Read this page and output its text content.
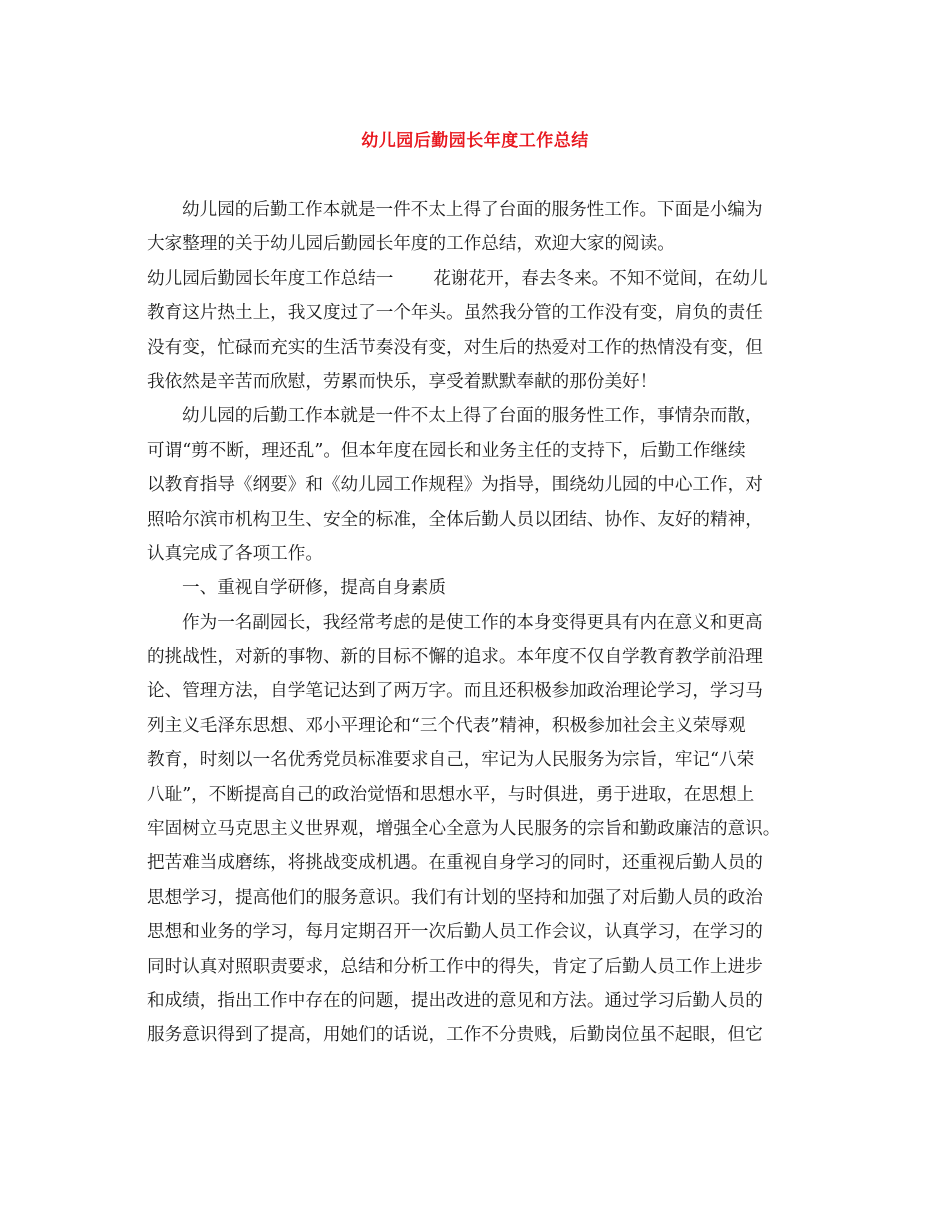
幼儿园后勤园长年度工作总结
幼儿园的后勤工作本就是一件不太上得了台面的服务性工作。下面是小编为
大家整理的关于幼儿园后勤园长年度的工作总结，欢迎大家的阅读。
幼儿园后勤园长年度工作总结一 花谢花开，春去冬来。不知不觉间，在幼儿
教育这片热土上，我又度过了一个年头。虽然我分管的工作没有变，肩负的责任
没有变，忙碌而充实的生活节奏没有变，对生后的热爱对工作的热情没有变，但
我依然是辛苦而欣慰，劳累而快乐，享受着默默奉献的那份美好！
幼儿园的后勤工作本就是一件不太上得了台面的服务性工作，事情杂而散，
可谓“剪不断，理还乱”。但本年度在园长和业务主任的支持下，后勤工作继续
以教育指导《纲要》和《幼儿园工作规程》为指导，围绕幼儿园的中心工作，对
照哈尔滨市机构卫生、安全的标准，全体后勤人员以团结、协作、友好的精神，
认真完成了各项工作。
一、重视自学研修，提高自身素质
作为一名副园长，我经常考虑的是使工作的本身变得更具有内在意义和更高
的挑战性，对新的事物、新的目标不懈的追求。本年度不仅自学教育教学前沿理
论、管理方法，自学笔记达到了两万字。而且还积极参加政治理论学习，学习马
列主义毛泽东思想、邓小平理论和“三个代表”精神，积极参加社会主义荣辱观
教育，时刻以一名优秀党员标准要求自己，牢记为人民服务为宗旨，牢记“八荣
八耻”，不断提高自己的政治觉悟和思想水平，与时俱进，勇于进取，在思想上
牢固树立马克思主义世界观，增强全心全意为人民服务的宗旨和勤政廉洁的意识。
把苦难当成磨练，将挑战变成机遇。在重视自身学习的同时，还重视后勤人员的
思想学习，提高他们的服务意识。我们有计划的坚持和加强了对后勤人员的政治
思想和业务的学习，每月定期召开一次后勤人员工作会议，认真学习，在学习的
同时认真对照职责要求，总结和分析工作中的得失，肯定了后勤人员工作上进步
和成绩，指出工作中存在的问题，提出改进的意见和方法。通过学习后勤人员的
服务意识得到了提高，用她们的话说，工作不分贵贱，后勤岗位虽不起眼，但它
